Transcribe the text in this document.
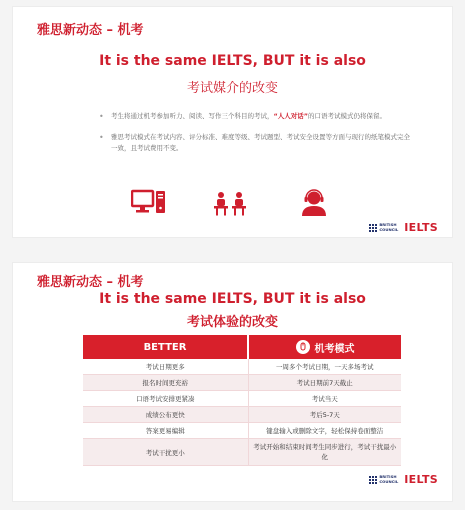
雅思新动态 – 机考
It is the same IELTS, BUT it is also
考试媒介的改变
• 考生将通过机考参加听力、阅读、写作三个科目的考试，“人人对话”的口语考试模式仍将保留。
• 雅思考试模式在考试内容、评分标准、难度等级、考试题型、考试安全设置等方面与现行的纸笔模式完全一致，且考试费用不变。
BRITISH
COUNCIL IELTS
雅思新动态 – 机考
It is the same IELTS, BUT it is also
考试体验的改变
BETTER	机考模式

考试日期更多	一周多个考试日期，一天多场考试
报名时间更充裕	考试日期前7天截止
口语考试安排更紧凑	考试当天
成绩公布更快	考后5-7天
答案更易编辑	键盘输入或删除文字，轻松保持卷面整洁
考试干扰更小	考试开始和结束时间考生同步进行，考试干扰最小化
BRITISH
COUNCIL IELTS
